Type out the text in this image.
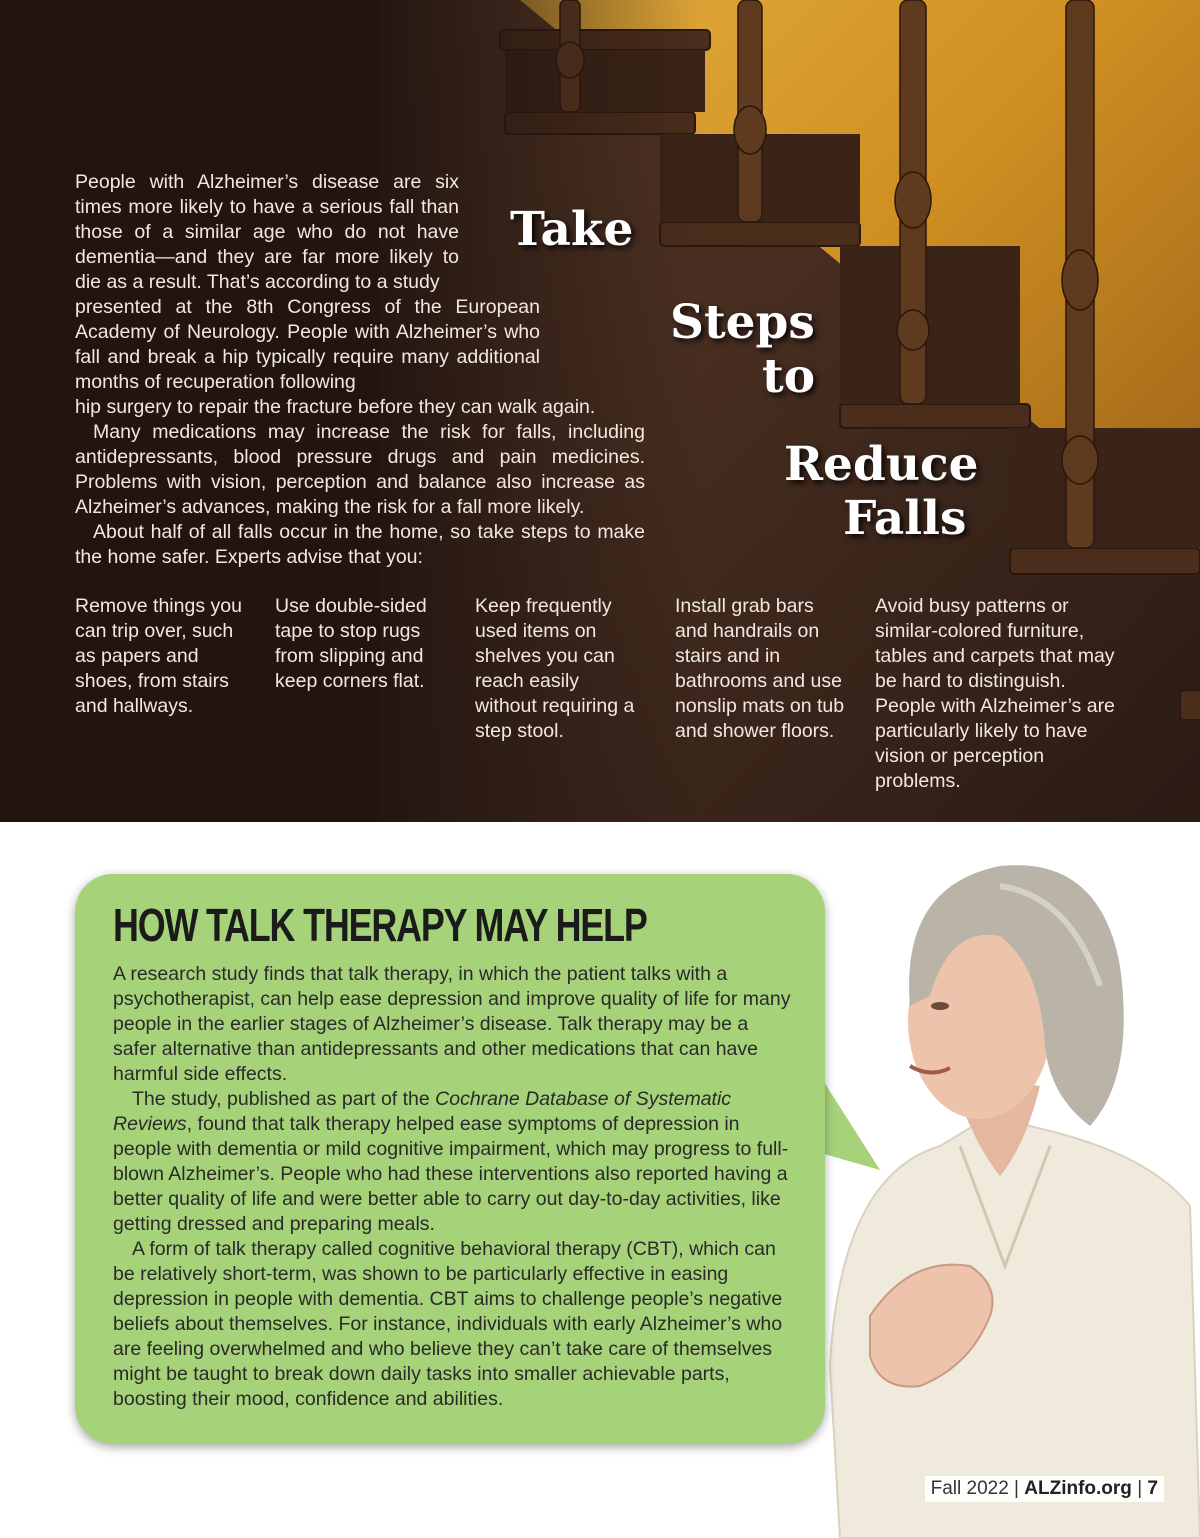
Take
Steps
to
Reduce
Falls

People with Alzheimer’s disease are six times more likely to have a serious fall than those of a similar age who do not have dementia—and they are far more likely to die as a result. That’s according to a study
presented at the 8th Congress of the European Academy of Neurology. People with Alzheimer’s who fall and break a hip typically require many additional months of recuperation following
hip surgery to repair the fracture before they can walk again.

Many medications may increase the risk for falls, including antidepressants, blood pressure drugs and pain medicines. Problems with vision, perception and balance also increase as Alzheimer’s advances, making the risk for a fall more likely.

About half of all falls occur in the home, so take steps to make the home safer. Experts advise that you:

Remove things you can trip over, such as papers and shoes, from stairs and hallways.
Use double-sided tape to stop rugs from slipping and keep corners flat.
Keep frequently used items on shelves you can reach easily without requiring a step stool.
Install grab bars and handrails on stairs and in bathrooms and use nonslip mats on tub and shower floors.
Avoid busy patterns or similar-colored furniture, tables and carpets that may be hard to distinguish. People with Alzheimer’s are particularly likely to have vision or perception problems.
HOW TALK THERAPY MAY HELP

A research study finds that talk therapy, in which the patient talks with a psychotherapist, can help ease depression and improve quality of life for many people in the earlier stages of Alzheimer’s disease. Talk therapy may be a safer alternative than antidepressants and other medications that can have harmful side effects.

The study, published as part of the Cochrane Database of Systematic Reviews, found that talk therapy helped ease symptoms of depression in people with dementia or mild cognitive impairment, which may progress to full-blown Alzheimer’s. People who had these interventions also reported having a better quality of life and were better able to carry out day-to-day activities, like getting dressed and preparing meals.

A form of talk therapy called cognitive behavioral therapy (CBT), which can be relatively short-term, was shown to be particularly effective in easing depression in people with dementia. CBT aims to challenge people’s negative beliefs about themselves. For instance, individuals with early Alzheimer’s who are feeling overwhelmed and who believe they can’t take care of themselves might be taught to break down daily tasks into smaller achievable parts, boosting their mood, confidence and abilities.

Fall 2022 | ALZinfo.org | 7
